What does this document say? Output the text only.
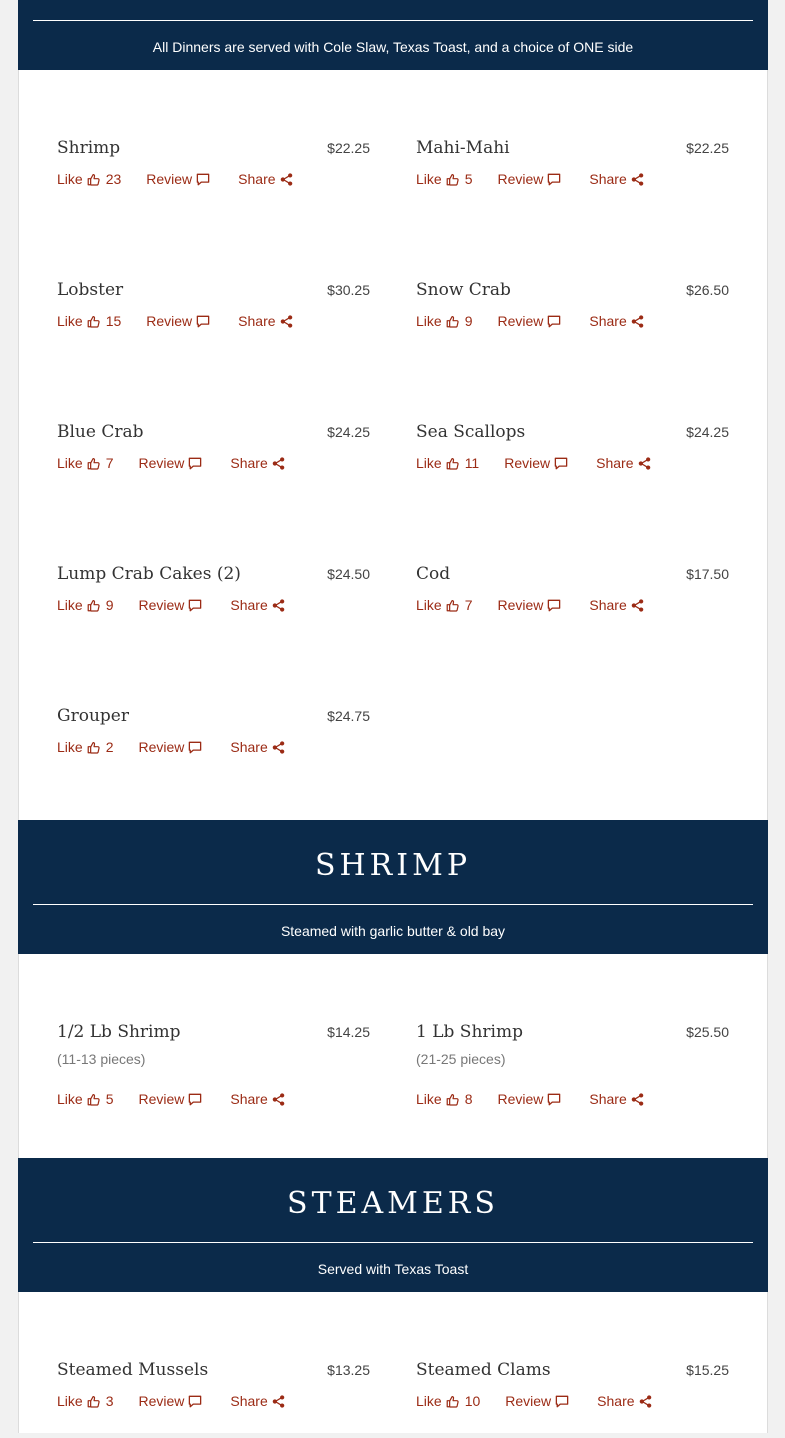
All Dinners are served with Cole Slaw, Texas Toast, and a choice of ONE side
SHRIMP
Steamed with garlic butter & old bay
STEAMERS
Served with Texas Toast
Shrimp	$22.25
Like 23 Review	Share
Mahi-Mahi	$22.25
Like 5 Review	Share
Lobster	$30.25
Like 15 Review	Share
Snow Crab	$26.50
Like 9 Review	Share
Blue Crab	$24.25
Like 7 Review	Share
Sea Scallops	$24.25
Like 11 Review	Share
Lump Crab Cakes (2)	$24.50
Like 9 Review	Share
Cod	$17.50
Like 7 Review	Share
Grouper	$24.75
Like 2 Review	Share
1/2 Lb Shrimp	$14.25
(11-13 pieces)
Like 5 Review	Share
1 Lb Shrimp	$25.50
(21-25 pieces)
Like 8 Review	Share
Steamed Mussels	$13.25
Like 3 Review	Share
Steamed Clams	$15.25
Like 10 Review	Share
